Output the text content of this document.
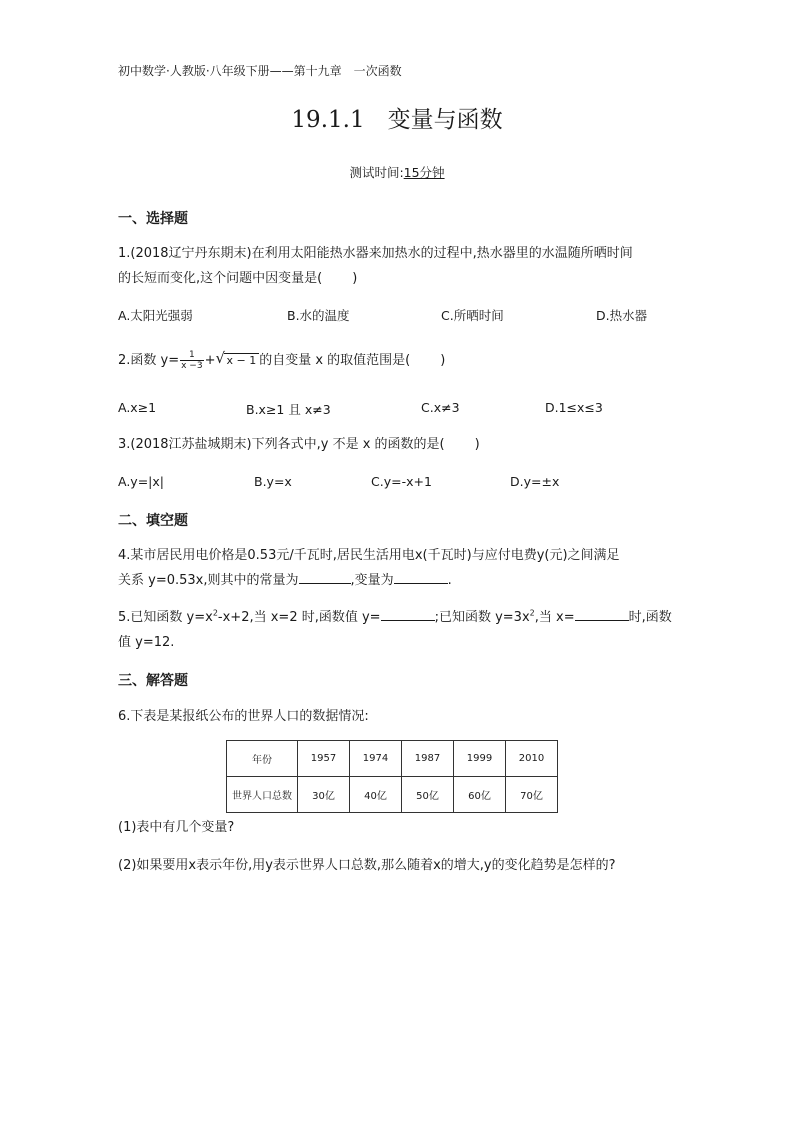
初中数学·人教版·八年级下册——第十九章　一次函数
19.1.1　变量与函数
测试时间:15分钟
一、选择题
1.(2018辽宁丹东期末)在利用太阳能热水器来加热水的过程中,热水器里的水温随所晒时间
的长短而变化,这个问题中因变量是( )
A.太阳光强弱	B.水的温度	C.所晒时间	D.热水器
2.函数 $y= \frac{1}{x -3}$ + √ x − 1 的自变量 x 的取值范围是( )
A.x≥1	B.x≥1 且 x≠3	C.x≠3	D.1≤x≤3
3.(2018江苏盐城期末)下列各式中,y 不是 x 的函数的是( )
A.y=|x|	B.y=x	C.y=-x+1	D.y=±x
二、填空题
4.某市居民用电价格是0.53元/千瓦时,居民生活用电x(千瓦时)与应付电费y(元)之间满足
关系 y=0.53x,则其中的常量为	,变量为	.
5.已知函数 $y=x^2-x+2$,当 x=2 时,函数值 y=	;已知函数 $y=3x^2$,当 x=	时,函数
值 y=12.
三、解答题
6.下表是某报纸公布的世界人口的数据情况:
年份	1957	1974	1987	1999	2010
世界人口总数	30亿	40亿	50亿	60亿	70亿
(1)表中有几个变量?
(2)如果要用x表示年份,用y表示世界人口总数,那么随着x的增大,y的变化趋势是怎样的?
